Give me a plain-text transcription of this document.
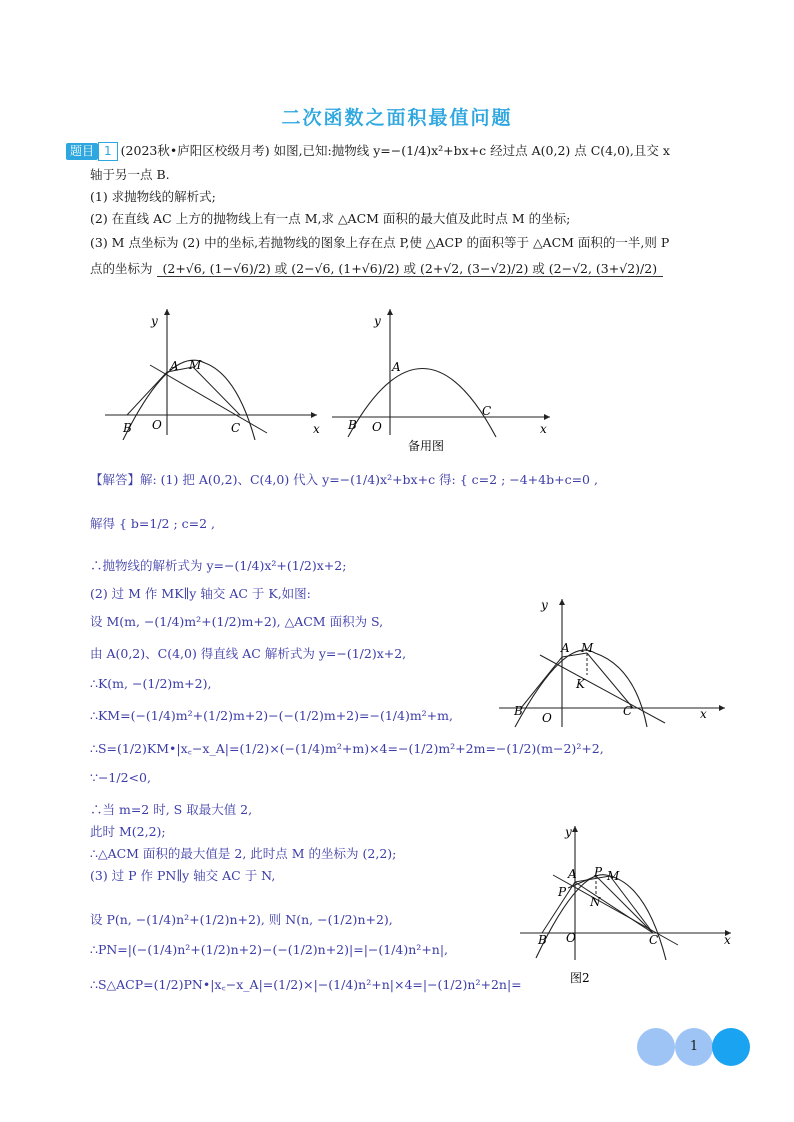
二次函数之面积最值问题
题目 1 (2023秋•庐阳区校级月考) 如图,已知:抛物线 y=−(1/4)x²+bx+c 经过点 A(0,2) 点 C(4,0),且交 x
轴于另一点 B.
(1) 求抛物线的解析式;
(2) 在直线 AC 上方的抛物线上有一点 M,求 △ACM 面积的最大值及此时点 M 的坐标;
(3) M 点坐标为 (2) 中的坐标,若抛物线的图象上存在点 P,使 △ACP 的面积等于 △ACM 面积的一半,则 P
点的坐标为 (2+√6, (1−√6)/2) 或 (2−√6, (1+√6)/2) 或 (2+√2, (3−√2)/2) 或 (2−√2, (3+√2)/2)
y
x
O
A M
B	C
y
x
O
A
B
C
备用图
【解答】解: (1) 把 A(0,2)、C(4,0) 代入 y=−(1/4)x²+bx+c 得: { c=2 ; −4+4b+c=0 ,
解得 { b=1/2 ; c=2 ,
∴抛物线的解析式为 y=−(1/4)x²+(1/2)x+2;
(2) 过 M 作 MK∥y 轴交 AC 于 K,如图:
设 M(m, −(1/4)m²+(1/2)m+2), △ACM 面积为 S,
由 A(0,2)、C(4,0) 得直线 AC 解析式为 y=−(1/2)x+2,
∴K(m, −(1/2)m+2),
∴KM=(−(1/4)m²+(1/2)m+2)−(−(1/2)m+2)=−(1/4)m²+m,
∴S=(1/2)KM•|x꜀−x_A|=(1/2)×(−(1/4)m²+m)×4=−(1/2)m²+2m=−(1/2)(m−2)²+2,
∵−1/2<0,
∴当 m=2 时, S 取最大值 2,
此时 M(2,2);
∴△ACM 面积的最大值是 2, 此时点 M 的坐标为 (2,2);
(3) 过 P 作 PN∥y 轴交 AC 于 N,
设 P(n, −(1/4)n²+(1/2)n+2), 则 N(n, −(1/2)n+2),
∴PN=|(−(1/4)n²+(1/2)n+2)−(−(1/2)n+2)|=|−(1/4)n²+n|,
∴S△ACP=(1/2)PN•|x꜀−x_A|=(1/2)×|−(1/4)n²+n|×4=|−(1/2)n²+2n|=
y
x
O
A M
K
B	C
y
x
O
A P M
P
N
B	C
图2
1
